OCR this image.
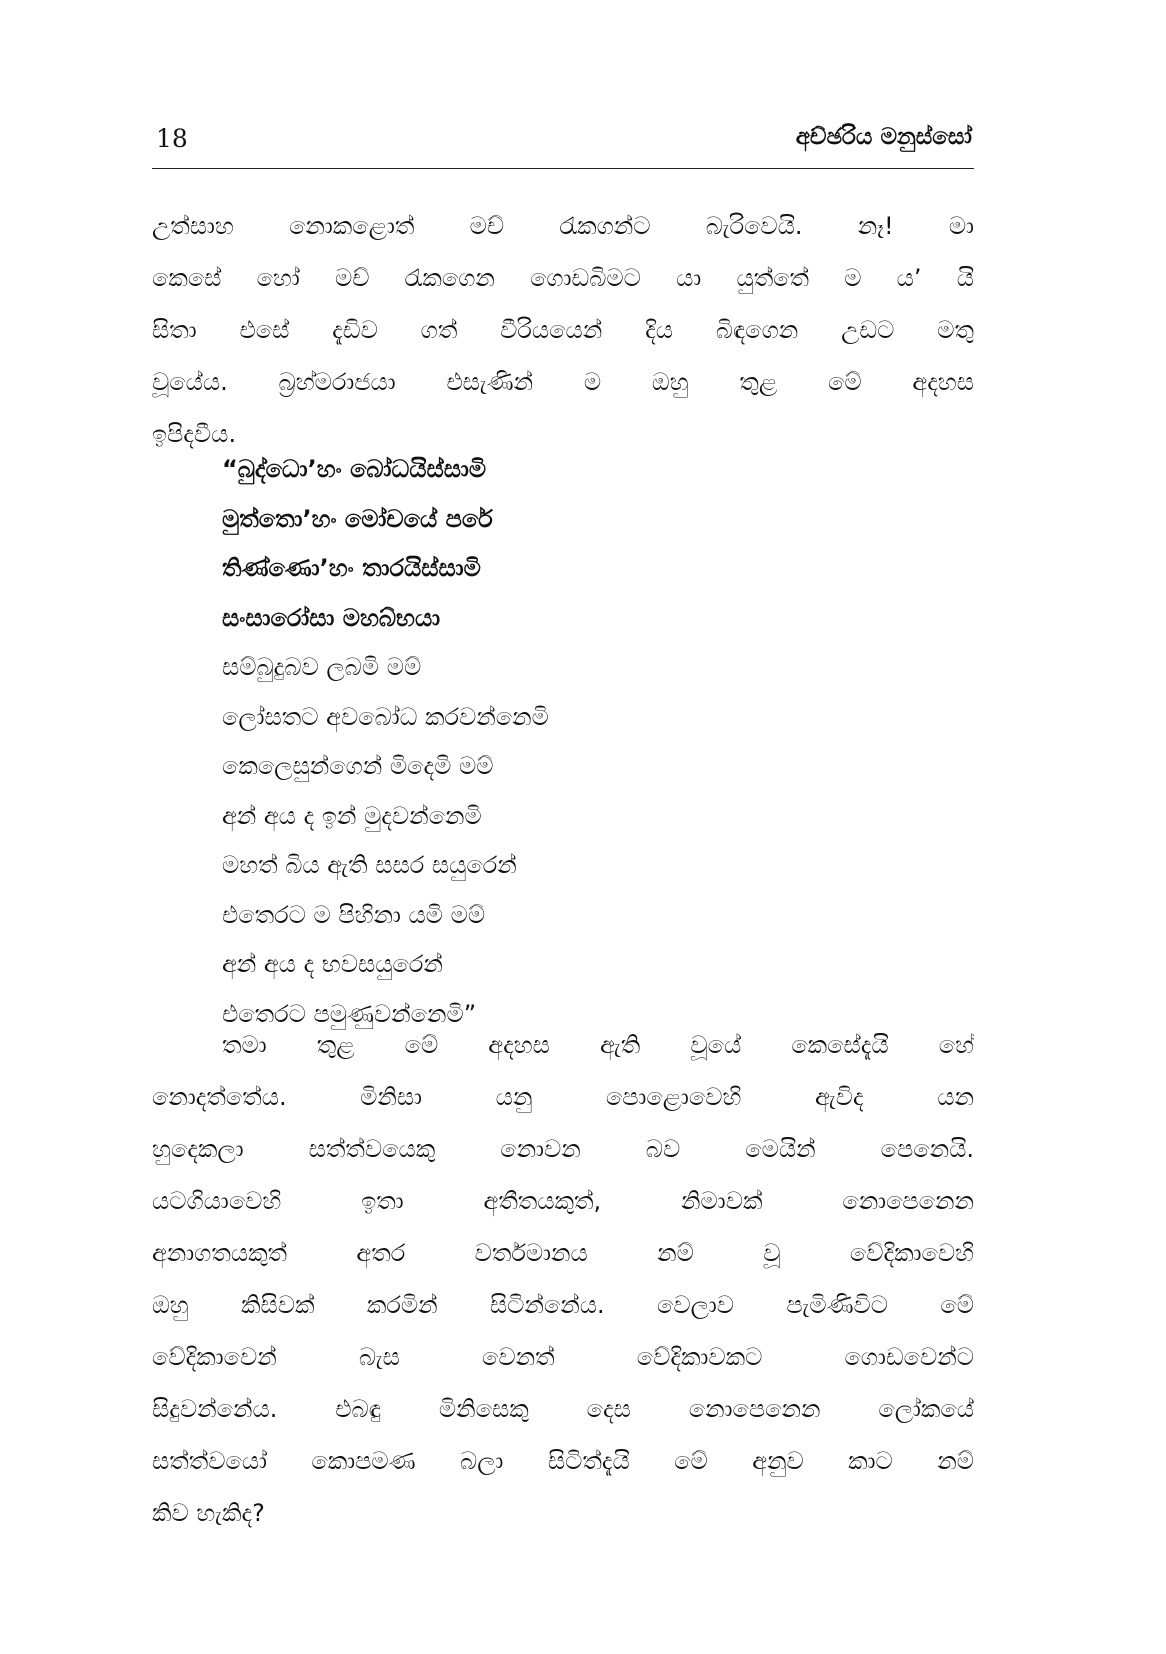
18	අච්ඡරිය මනුස්සෝ

උත්සාහ නොකළොත් මච් රැකගන්ට බැරිවෙයි. නෑ! මා
කෙසේ හෝ මච් රැකගෙන ගොඩබිමට යා යුත්තේ ම ය’ යි
සිතා එසේ දැඩිව ගත් වීරියයෙන් දිය බිඳගෙන උඩට මතු
වූයේය. බ්‍රහ්මරාජයා එසැණින් ම ඔහු තුළ මේ අදහස
ඉපිදවීය.

“බුද්ධො’හං බෝධයිස්සාමි
මුත්තො’හං මෝචයේ පරේ
තිණ්ණො’හං තාරයිස්සාමි
සංසාරෝසා මහබ්භයා

සම්බුදුබව ලබමි මම්
ලෝසතට අවබෝධ කරවන්නෙමි
කෙලෙසුන්ගෙන් මිදෙමි මම්
අන් අය ද ඉන් මුදවන්නෙමි
මහත් බිය ඇති සසර සයුරෙන්
එතෙරට ම පිහිනා යමි මම්
අන් අය ද භවසයුරෙන්
එතෙරට පමුණුවන්නෙමි”

තමා තුළ මේ අදහස ඇති වූයේ කෙසේදැයි හේ
නොදත්තේය. මිනිසා යනු පොළොවෙහි ඇවිද යන
හුදෙකලා සත්ත්වයෙකු නොවන බව මෙයින් පෙනෙයි.
යටගියාවෙහි ඉතා අතීතයකුත්, නිමාවක් නොපෙනෙන
අනාගතයකුත් අතර වර්තමානය නම් වූ වේදිකාවෙහි
ඔහු කිසිවක් කරමින් සිටින්නේය. වෙලාව පැමිණිවිට මේ
වේදිකාවෙන් බැස වෙනත් වේදිකාවකට ගොඩවෙන්ට
සිදුවන්නේය. එබඳු මිනිසෙකු දෙස නොපෙනෙන ලෝකයේ
සත්ත්වයෝ කොපමණ බලා සිටිත්දැයි මේ අනුව කාට නම්
කිව හැකිද?
